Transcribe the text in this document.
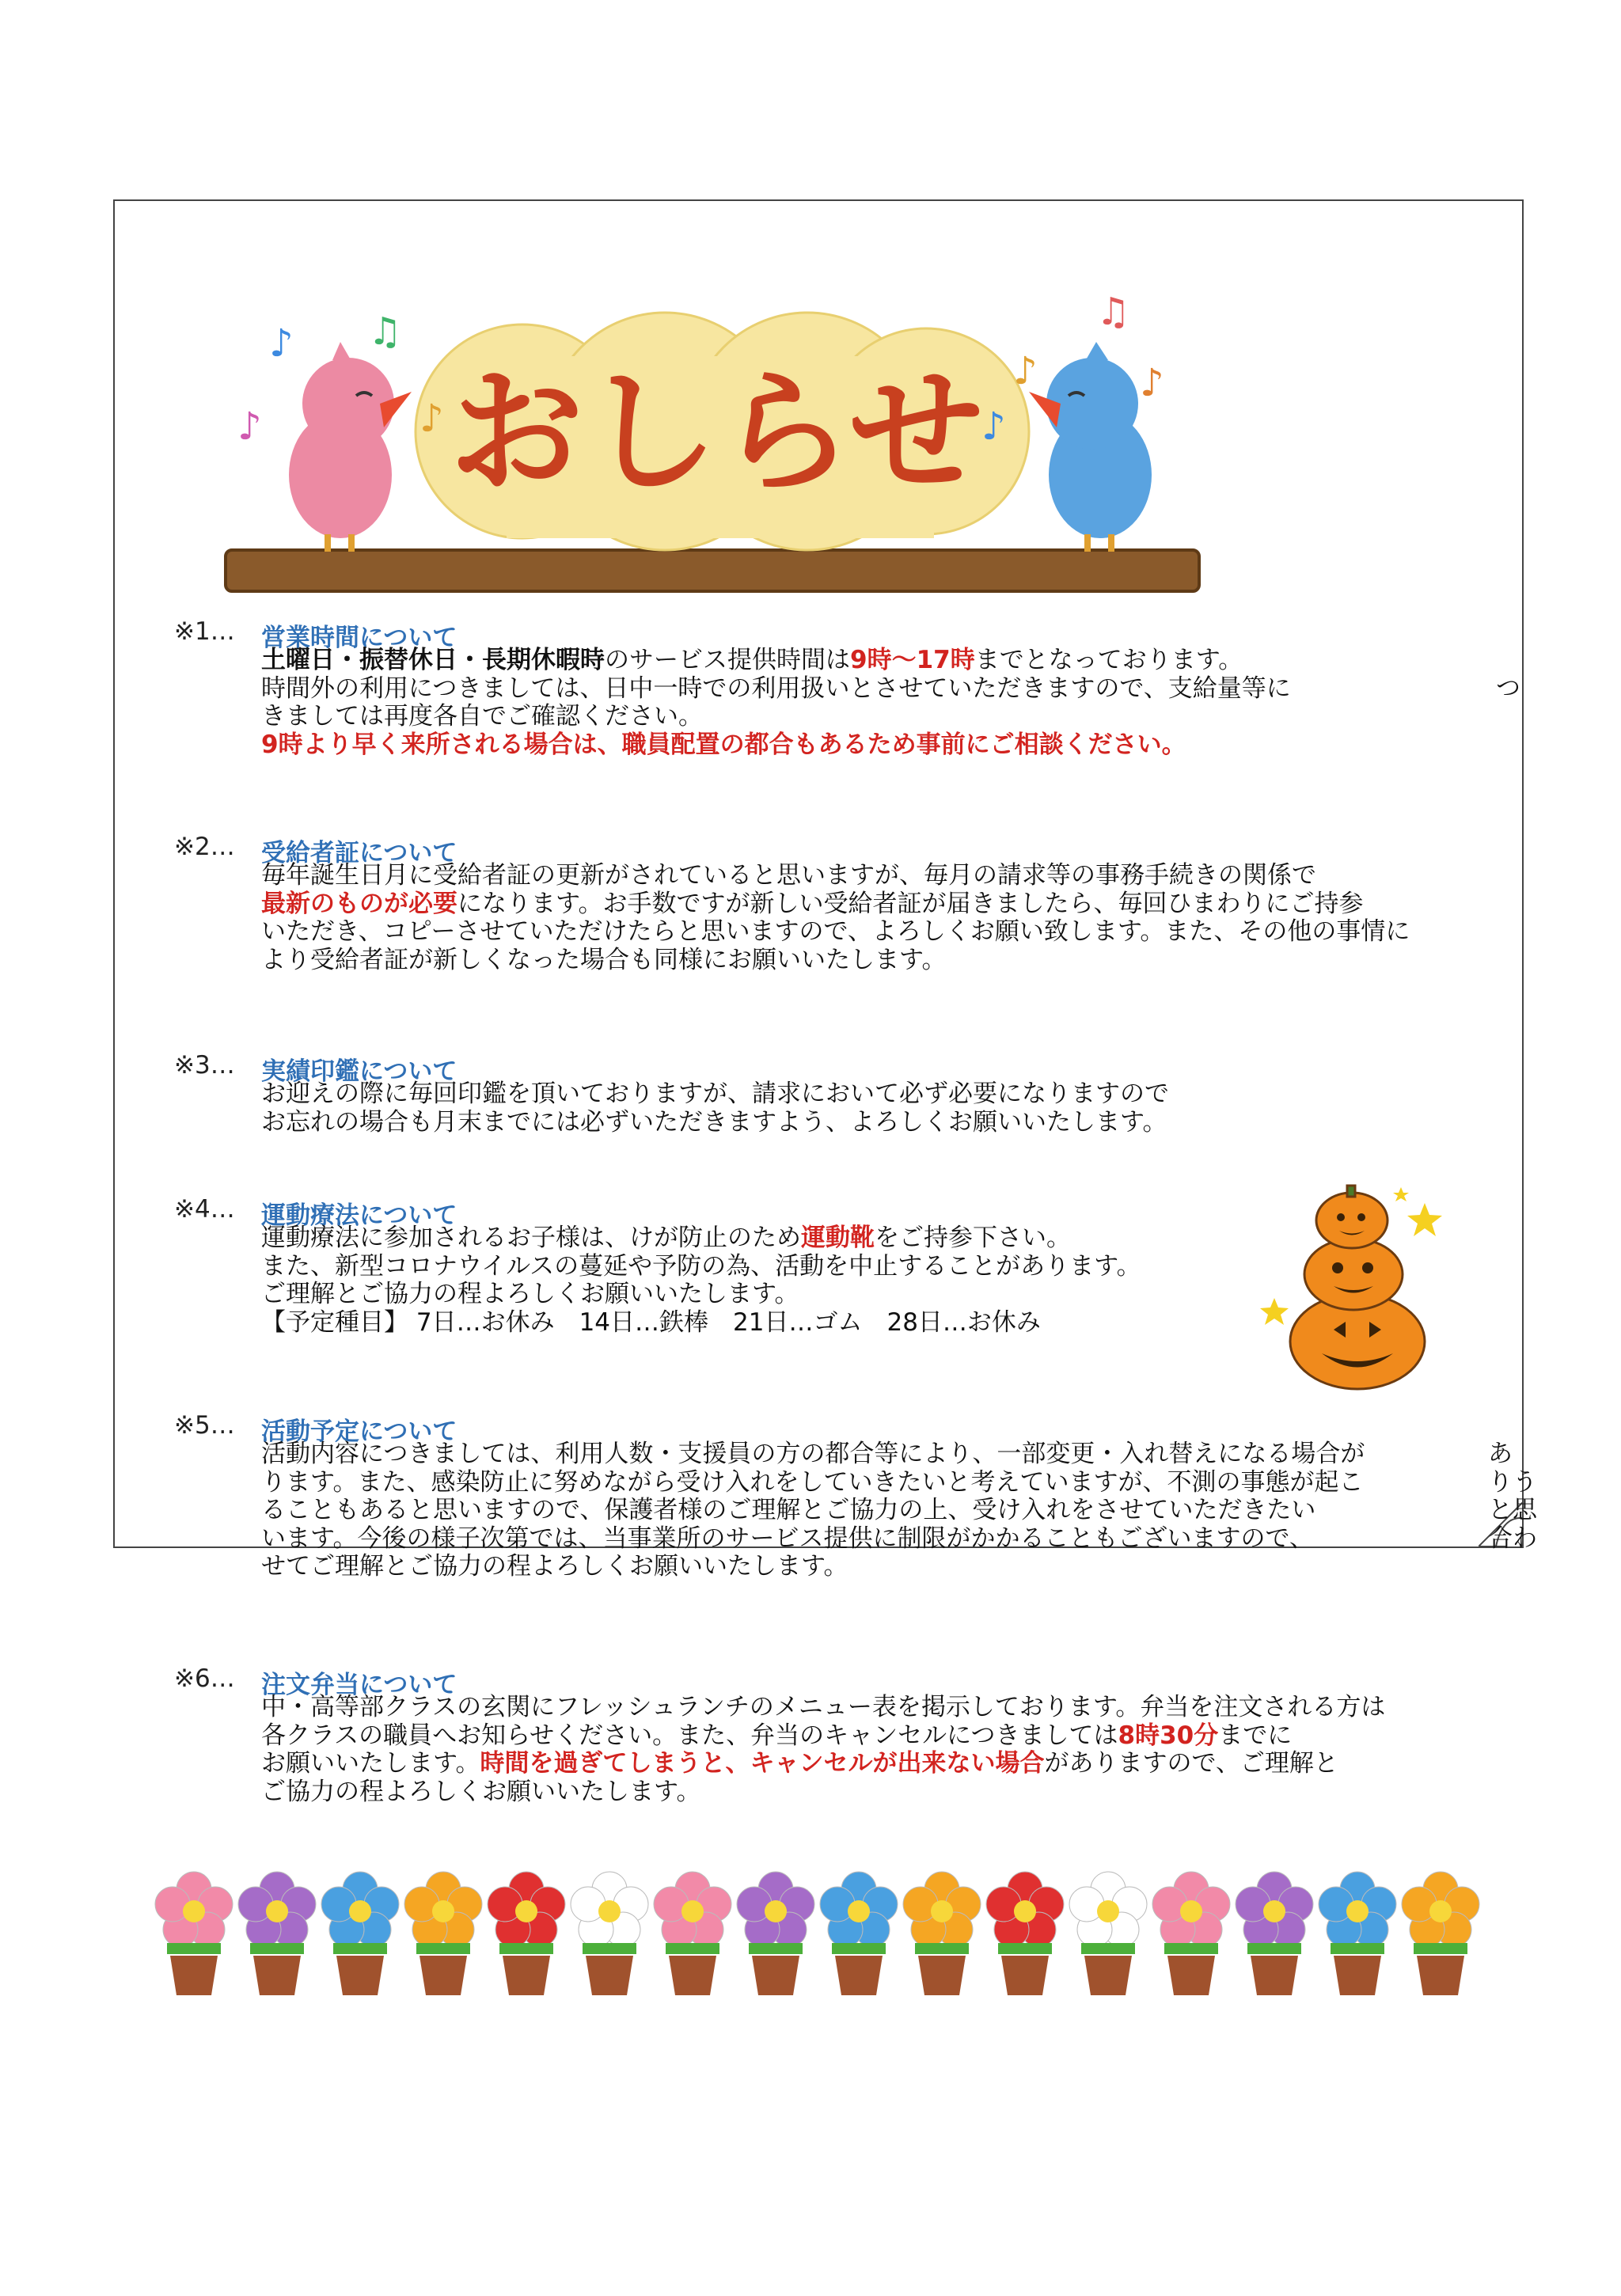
おしらせ
♪ ♫
♪
♪
♪
♫
♪
♪
※1… 営業時間について
土曜日・振替休日・長期休暇時のサービス提供時間は9時～17時までとなっております。
時間外の利用につきましては、日中一時での利用扱いとさせていただきますので、支給量等に	つ
きましては再度各自でご確認ください。
9時より早く来所される場合は、職員配置の都合もあるため事前にご相談ください。
※2… 受給者証について
毎年誕生日月に受給者証の更新がされていると思いますが、毎月の請求等の事務手続きの関係で
最新のものが必要になります。お手数ですが新しい受給者証が届きましたら、毎回ひまわりにご持参
いただき、コピーさせていただけたらと思いますので、よろしくお願い致します。また、その他の事情に
より受給者証が新しくなった場合も同様にお願いいたします。
※3… 実績印鑑について
お迎えの際に毎回印鑑を頂いておりますが、請求において必ず必要になりますので
お忘れの場合も月末までには必ずいただきますよう、よろしくお願いいたします。
※4… 運動療法について
運動療法に参加されるお子様は、けが防止のため運動靴をご持参下さい。
また、新型コロナウイルスの蔓延や予防の為、活動を中止することがあります。
ご理解とご協力の程よろしくお願いいたします。
【予定種目】 7日…お休み　14日…鉄棒　21日…ゴム　28日…お休み
※5… 活動予定について
活動内容につきましては、利用人数・支援員の方の都合等により、一部変更・入れ替えになる場合が	あ
ります。また、感染防止に努めながら受け入れをしていきたいと考えていますが、不測の事態が起こ	りう
ることもあると思いますので、保護者様のご理解とご協力の上、受け入れをさせていただきたい	と思
います。今後の様子次第では、当事業所のサービス提供に制限がかかることもございますので、	合わ
せてご理解とご協力の程よろしくお願いいたします。
※6… 注文弁当について
中・高等部クラスの玄関にフレッシュランチのメニュー表を掲示しております。弁当を注文される方は
各クラスの職員へお知らせください。また、弁当のキャンセルにつきましては8時30分までに
お願いいたします。時間を過ぎてしまうと、キャンセルが出来ない場合がありますので、ご理解と
ご協力の程よろしくお願いいたします。
